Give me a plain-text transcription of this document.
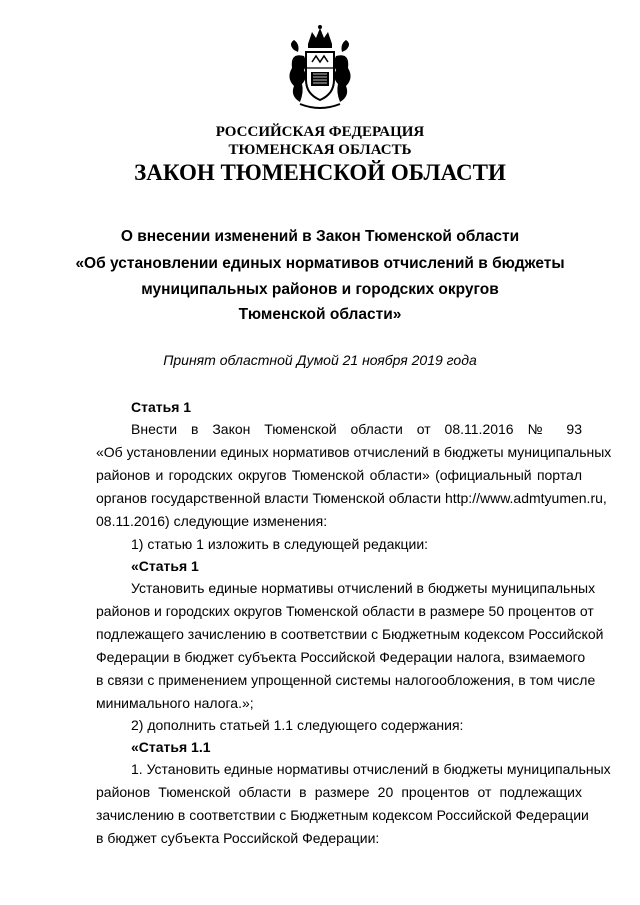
РОССИЙСКАЯ ФЕДЕРАЦИЯ
ТЮМЕНСКАЯ ОБЛАСТЬ
ЗАКОН ТЮМЕНСКОЙ ОБЛАСТИ
О внесении изменений в Закон Тюменской области
«Об установлении единых нормативов отчислений в бюджеты
муниципальных районов и городских округов
Тюменской области»
Принят областной Думой 21 ноября 2019 года
Статья 1
Внести в Закон Тюменской области от 08.11.2016 № 93
«Об установлении единых нормативов отчислений в бюджеты муниципальных
районов и городских округов Тюменской области» (официальный портал
органов государственной власти Тюменской области http://www.admtyumen.ru,
08.11.2016) следующие изменения:
1) статью 1 изложить в следующей редакции:
«Статья 1
Установить единые нормативы отчислений в бюджеты муниципальных
районов и городских округов Тюменской области в размере 50 процентов от
подлежащего зачислению в соответствии с Бюджетным кодексом Российской
Федерации в бюджет субъекта Российской Федерации налога, взимаемого
в связи с применением упрощенной системы налогообложения, в том числе
минимального налога.»;
2) дополнить статьей 1.1 следующего содержания:
«Статья 1.1
1. Установить единые нормативы отчислений в бюджеты муниципальных
районов Тюменской области в размере 20 процентов от подлежащих
зачислению в соответствии с Бюджетным кодексом Российской Федерации
в бюджет субъекта Российской Федерации:
